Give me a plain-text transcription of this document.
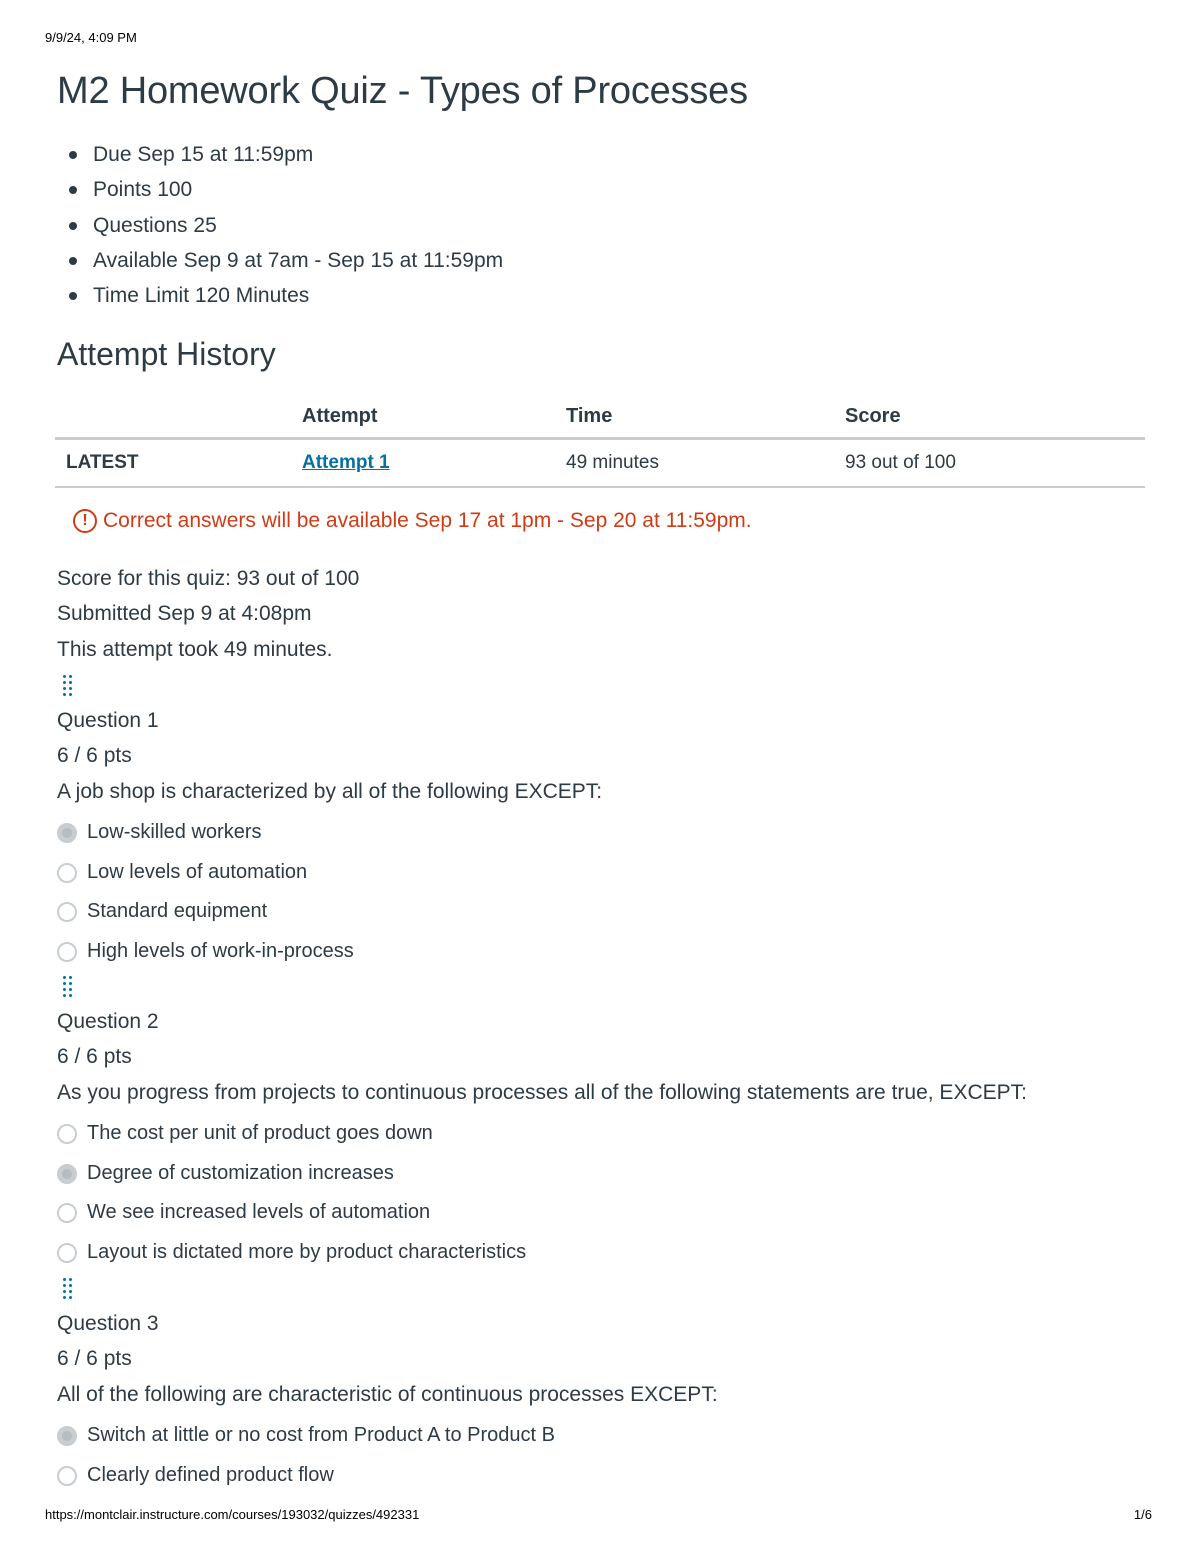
9/9/24, 4:09 PM
M2 Homework Quiz - Types of Processes
Due Sep 15 at 11:59pm
Points 100
Questions 25
Available Sep 9 at 7am - Sep 15 at 11:59pm
Time Limit 120 Minutes
Attempt History
	Attempt	Time	Score
LATEST	Attempt 1	49 minutes	93 out of 100
! Correct answers will be available Sep 17 at 1pm - Sep 20 at 11:59pm.
Score for this quiz: 93 out of 100
Submitted Sep 9 at 4:08pm
This attempt took 49 minutes.
Question 1
6 / 6 pts
A job shop is characterized by all of the following EXCEPT:
Low-skilled workers
Low levels of automation
Standard equipment
High levels of work-in-process
Question 2
6 / 6 pts
As you progress from projects to continuous processes all of the following statements are true, EXCEPT:
The cost per unit of product goes down
Degree of customization increases
We see increased levels of automation
Layout is dictated more by product characteristics
Question 3
6 / 6 pts
All of the following are characteristic of continuous processes EXCEPT:
Switch at little or no cost from Product A to Product B
Clearly defined product flow
https://montclair.instructure.com/courses/193032/quizzes/492331	1/6
